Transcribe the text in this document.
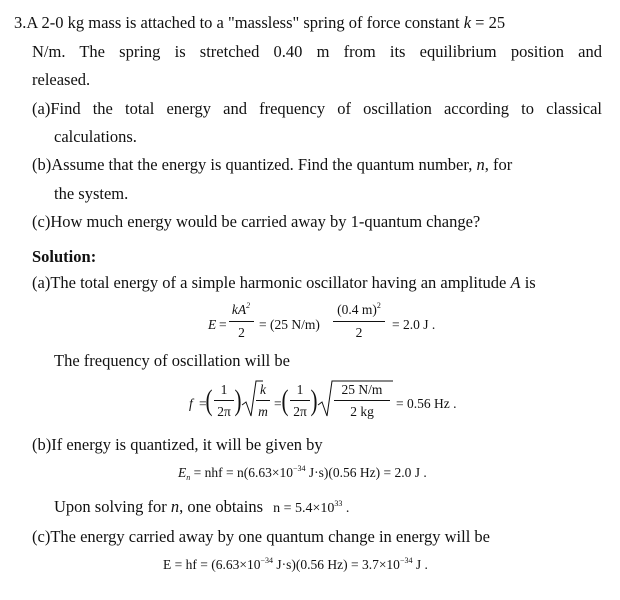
3.A 2-0 kg mass is attached to a "massless" spring of force constant k = 25
N/m. The spring is stretched 0.40 m from its equilibrium position and
released.
(a)Find the total energy and frequency of oscillation according to classical
calculations.
(b)Assume that the energy is quantized. Find the quantum number, n, for
the system.
(c)How much energy would be carried away by 1-quantum change?
Solution:
(a)The total energy of a simple harmonic oscillator having an amplitude A is
E =
$kA^2$
2
= (25 N/m)
(0.4 m)$^2$
2
= 2.0 J .
The frequency of oscillation will be
f =
( 1
2π ) k
m
= ( 1
2π )	25 N/m
2 kg
= 0.56 Hz .
(b)If energy is quantized, it will be given by
$E_n$ = nhf = $n(6.63\times 10^{-34}$ J·s)(0.56 Hz) = 2.0 J .
Upon solving for n, one obtains $n = 5.4\times 10^{33}$ .
(c)The energy carried away by one quantum change in energy will be
E = hf = ($6.63\times 10^{-34}$ J·s)(0.56 $Hz) = 3.7\times 10^{-34}$ J .
